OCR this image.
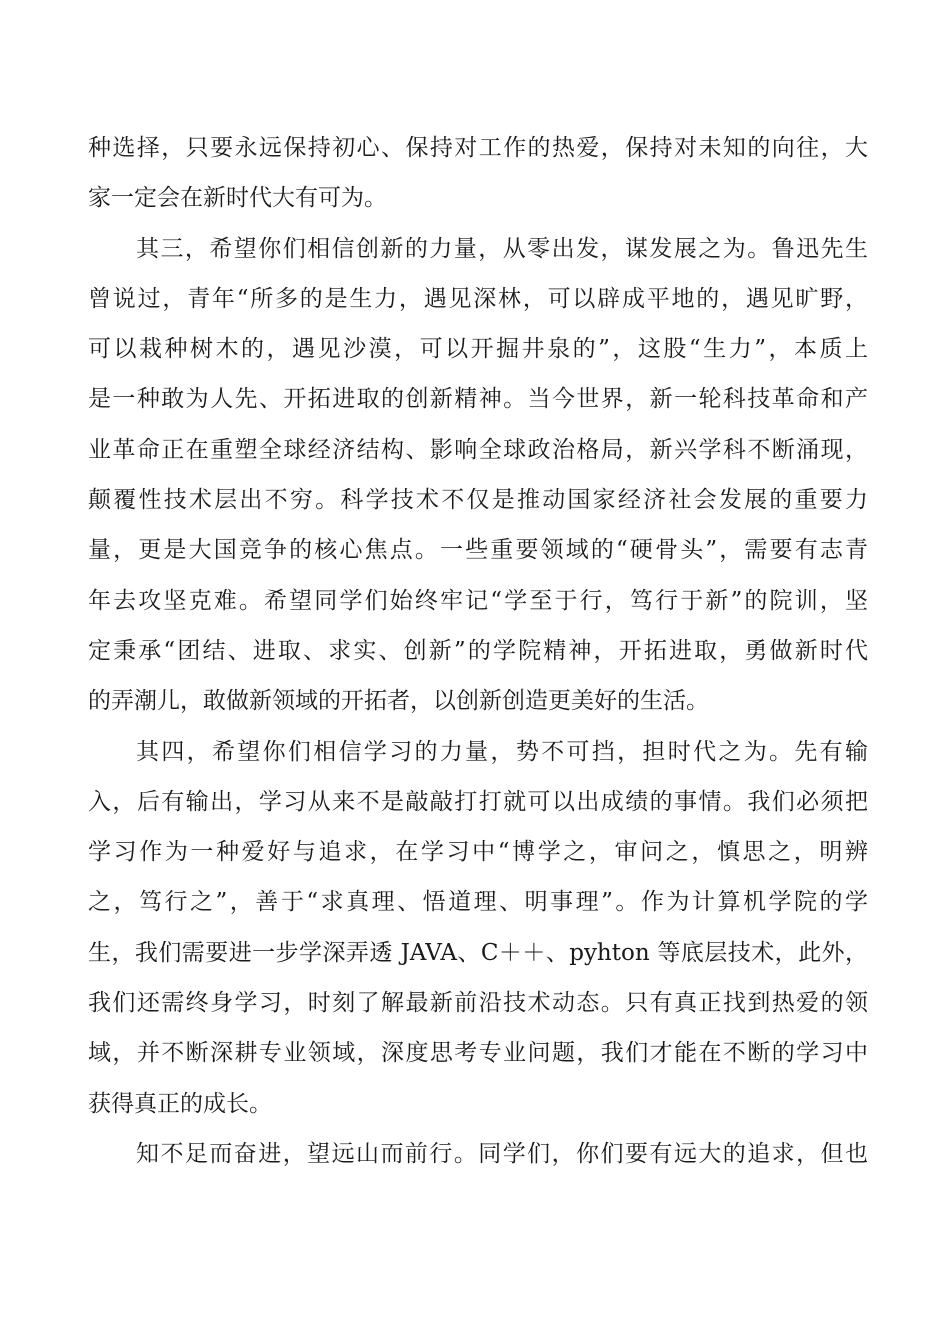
种选择，只要永远保持初心、保持对工作的热爱，保持对未知的向往，大
家一定会在新时代大有可为。
其三，希望你们相信创新的力量，从零出发，谋发展之为。鲁迅先生
曾说过，青年“所多的是生力，遇见深林，可以辟成平地的，遇见旷野，
可以栽种树木的，遇见沙漠，可以开掘井泉的”，这股“生力”，本质上
是一种敢为人先、开拓进取的创新精神。当今世界，新一轮科技革命和产
业革命正在重塑全球经济结构、影响全球政治格局，新兴学科不断涌现，
颠覆性技术层出不穷。科学技术不仅是推动国家经济社会发展的重要力
量，更是大国竞争的核心焦点。一些重要领域的“硬骨头”，需要有志青
年去攻坚克难。希望同学们始终牢记“学至于行，笃行于新”的院训，坚
定秉承“团结、进取、求实、创新”的学院精神，开拓进取，勇做新时代
的弄潮儿，敢做新领域的开拓者，以创新创造更美好的生活。
其四，希望你们相信学习的力量，势不可挡，担时代之为。先有输
入，后有输出，学习从来不是敲敲打打就可以出成绩的事情。我们必须把
学习作为一种爱好与追求，在学习中“博学之，审问之，慎思之，明辨
之，笃行之”，善于“求真理、悟道理、明事理”。作为计算机学院的学
生，我们需要进一步学深弄透 JAVA、C＋＋、pyhton 等底层技术，此外，
我们还需终身学习，时刻了解最新前沿技术动态。只有真正找到热爱的领
域，并不断深耕专业领域，深度思考专业问题，我们才能在不断的学习中
获得真正的成长。
知不足而奋进，望远山而前行。同学们，你们要有远大的追求，但也
